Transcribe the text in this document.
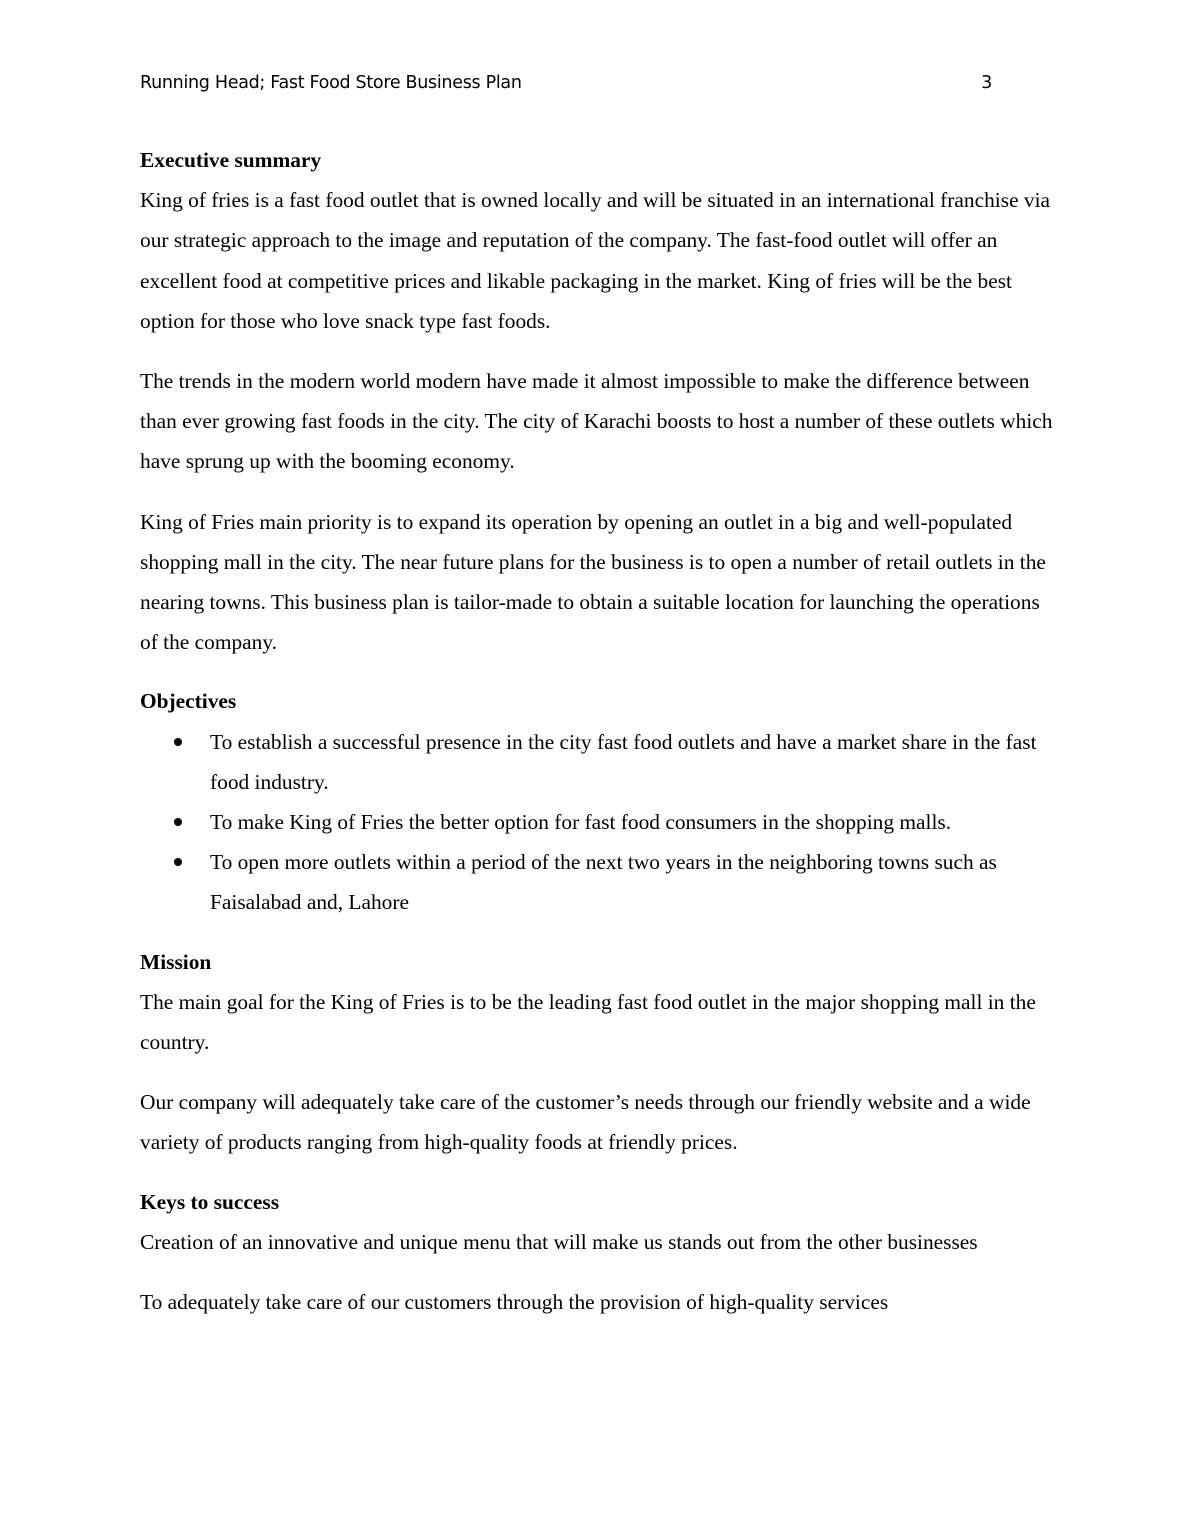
Running Head; Fast Food Store Business Plan	3
Executive summary

King of fries is a fast food outlet that is owned locally and will be situated in an international franchise via our strategic approach to the image and reputation of the company. The fast-food outlet will offer an excellent food at competitive prices and likable packaging in the market. King of fries will be the best option for those who love snack type fast foods.

The trends in the modern world modern have made it almost impossible to make the difference between than ever growing fast foods in the city. The city of Karachi boosts to host a number of these outlets which have sprung up with the booming economy.

King of Fries main priority is to expand its operation by opening an outlet in a big and well-populated shopping mall in the city. The near future plans for the business is to open a number of retail outlets in the nearing towns. This business plan is tailor-made to obtain a suitable location for launching the operations of the company.

Objectives
To establish a successful presence in the city fast food outlets and have a market share in the fast food industry.
To make King of Fries the better option for fast food consumers in the shopping malls.
To open more outlets within a period of the next two years in the neighboring towns such as Faisalabad and, Lahore
Mission

The main goal for the King of Fries is to be the leading fast food outlet in the major shopping mall in the country.

Our company will adequately take care of the customer’s needs through our friendly website and a wide variety of products ranging from high-quality foods at friendly prices.

Keys to success

Creation of an innovative and unique menu that will make us stands out from the other businesses

To adequately take care of our customers through the provision of high-quality services
